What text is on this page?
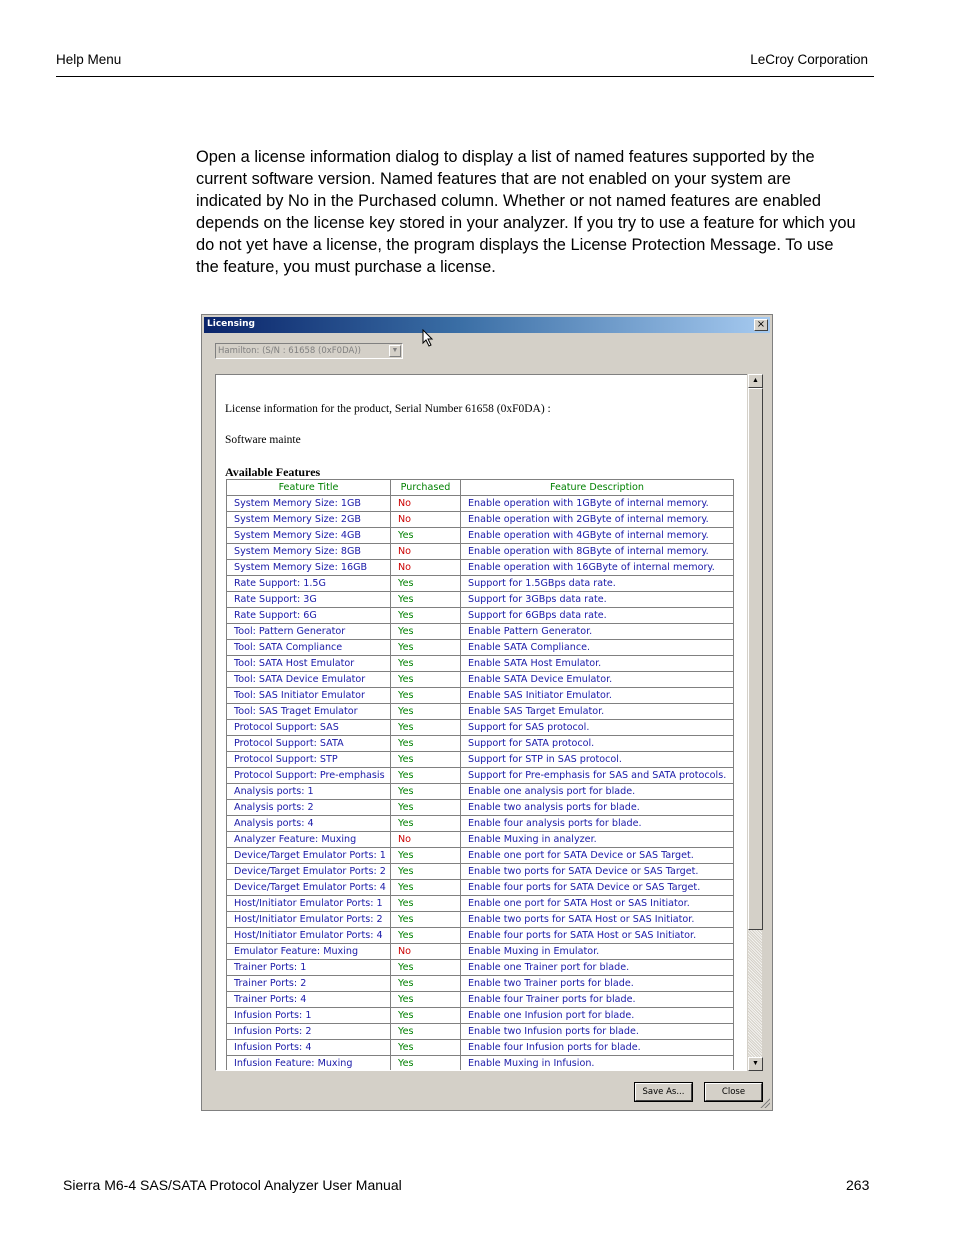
Help Menu	LeCroy Corporation

Open a license information dialog to display a list of named features supported by the current software version. Named features that are not enabled on your system are indicated by No in the Purchased column. Whether or not named features are enabled depends on the license key stored in your analyzer. If you try to use a feature for which you do not yet have a license, the program displays the License Protection Message. To use the feature, you must purchase a license.

Licensing	×
Hamilton: (S/N : 61658 (0xF0DA))	▼
License information for the product, Serial Number 61658 (0xF0DA) :
Software mainte
Available Features
Feature Title	Purchased	Feature Description
System Memory Size: 1GB	No	Enable operation with 1GByte of internal memory.
System Memory Size: 2GB	No	Enable operation with 2GByte of internal memory.
System Memory Size: 4GB	Yes	Enable operation with 4GByte of internal memory.
System Memory Size: 8GB	No	Enable operation with 8GByte of internal memory.
System Memory Size: 16GB	No	Enable operation with 16GByte of internal memory.
Rate Support: 1.5G	Yes	Support for 1.5GBps data rate.
Rate Support: 3G	Yes	Support for 3GBps data rate.
Rate Support: 6G	Yes	Support for 6GBps data rate.
Tool: Pattern Generator	Yes	Enable Pattern Generator.
Tool: SATA Compliance	Yes	Enable SATA Compliance.
Tool: SATA Host Emulator	Yes	Enable SATA Host Emulator.
Tool: SATA Device Emulator	Yes	Enable SATA Device Emulator.
Tool: SAS Initiator Emulator	Yes	Enable SAS Initiator Emulator.
Tool: SAS Traget Emulator	Yes	Enable SAS Target Emulator.
Protocol Support: SAS	Yes	Support for SAS protocol.
Protocol Support: SATA	Yes	Support for SATA protocol.
Protocol Support: STP	Yes	Support for STP in SAS protocol.
Protocol Support: Pre-emphasis	Yes	Support for Pre-emphasis for SAS and SATA protocols.
Analysis ports: 1	Yes	Enable one analysis port for blade.
Analysis ports: 2	Yes	Enable two analysis ports for blade.
Analysis ports: 4	Yes	Enable four analysis ports for blade.
Analyzer Feature: Muxing	No	Enable Muxing in analyzer.
Device/Target Emulator Ports: 1	Yes	Enable one port for SATA Device or SAS Target.
Device/Target Emulator Ports: 2	Yes	Enable two ports for SATA Device or SAS Target.
Device/Target Emulator Ports: 4	Yes	Enable four ports for SATA Device or SAS Target.
Host/Initiator Emulator Ports: 1	Yes	Enable one port for SATA Host or SAS Initiator.
Host/Initiator Emulator Ports: 2	Yes	Enable two ports for SATA Host or SAS Initiator.
Host/Initiator Emulator Ports: 4	Yes	Enable four ports for SATA Host or SAS Initiator.
Emulator Feature: Muxing	No	Enable Muxing in Emulator.
Trainer Ports: 1	Yes	Enable one Trainer port for blade.
Trainer Ports: 2	Yes	Enable two Trainer ports for blade.
Trainer Ports: 4	Yes	Enable four Trainer ports for blade.
Infusion Ports: 1	Yes	Enable one Infusion port for blade.
Infusion Ports: 2	Yes	Enable two Infusion ports for blade.
Infusion Ports: 4	Yes	Enable four Infusion ports for blade.
Infusion Feature: Muxing	Yes	Enable Muxing in Infusion.
▲
▼
Save As...	Close
Sierra M6-4 SAS/SATA Protocol Analyzer User Manual	263
